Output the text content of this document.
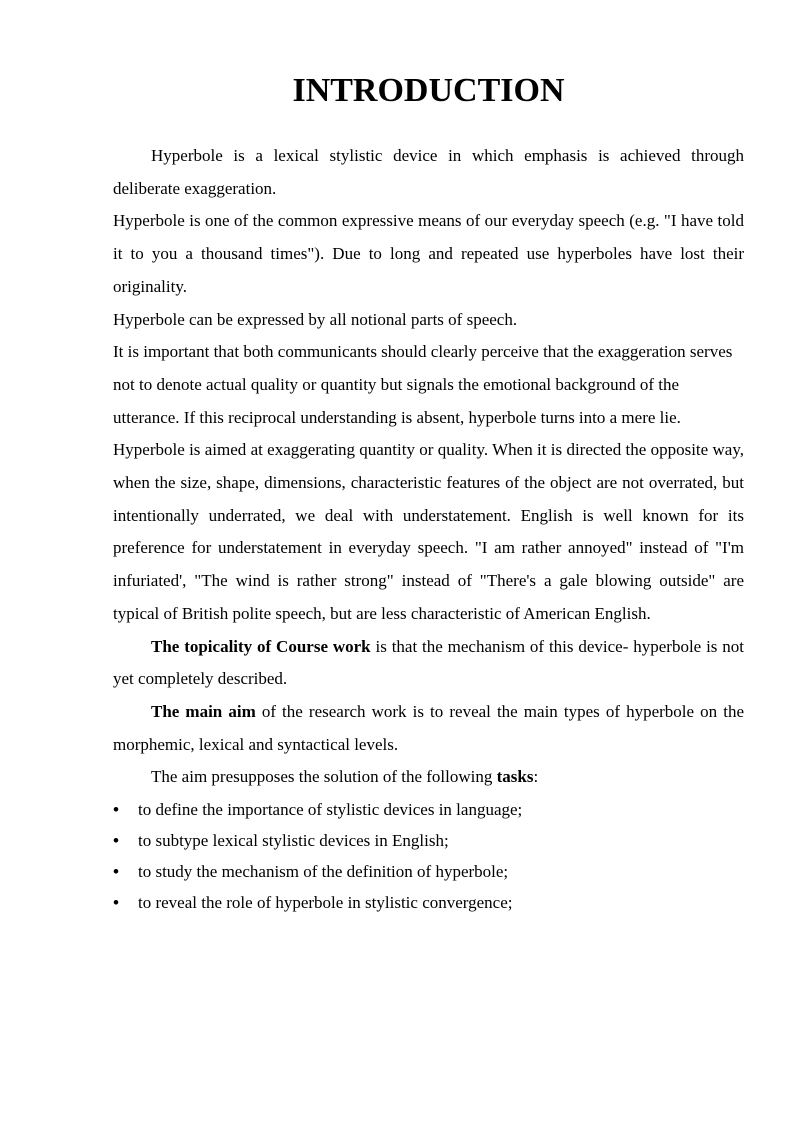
INTRODUCTION

Hyperbole is a lexical stylistic device in which emphasis is achieved through deliberate exaggeration.

Hyperbole is one of the common expressive means of our everyday speech (e.g. "I have told it to you a thousand times"). Due to long and repeated use hyperboles have lost their originality.

Hyperbole can be expressed by all notional parts of speech.

It is important that both communicants should clearly perceive that the exaggeration serves not to denote actual quality or quantity but signals the emotional background of the utterance. If this reciprocal understanding is absent, hyperbole turns into a mere lie.

Hyperbole is aimed at exaggerating quantity or quality. When it is directed the opposite way, when the size, shape, dimensions, characteristic features of the object are not overrated, but intentionally underrated, we deal with understatement. English is well known for its preference for understatement in everyday speech. "I am rather annoyed" instead of "I'm infuriated', "The wind is rather strong" instead of "There's a gale blowing outside" are typical of British polite speech, but are less characteristic of American English.

The topicality of Course work is that the mechanism of this device- hyperbole is not yet completely described.

The main aim of the research work is to reveal the main types of hyperbole on the morphemic, lexical and syntactical levels.

The aim presupposes the solution of the following tasks:

• to define the importance of stylistic devices in language;
• to subtype lexical stylistic devices in English;
• to study the mechanism of the definition of hyperbole;
• to reveal the role of hyperbole in stylistic convergence;
